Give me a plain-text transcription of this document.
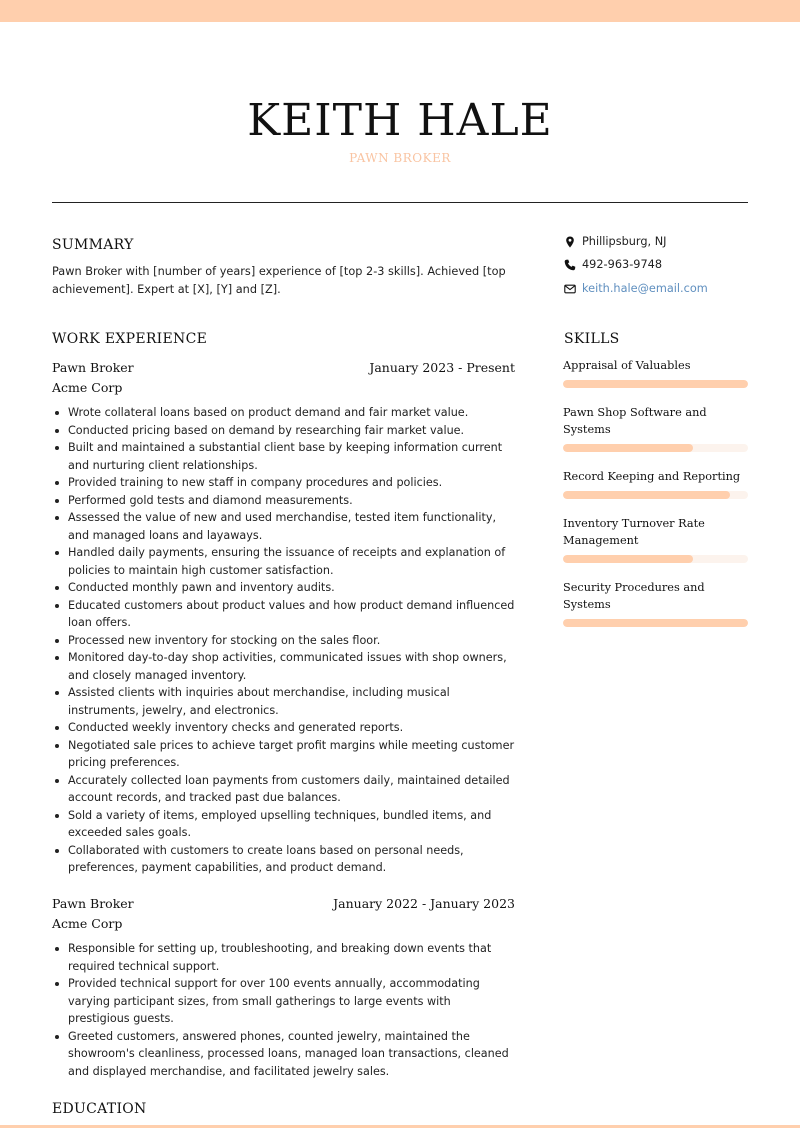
KEITH HALE
PAWN BROKER
SUMMARY
Pawn Broker with [number of years] experience of [top 2-3 skills]. Achieved [top achievement]. Expert at [X], [Y] and [Z].
WORK EXPERIENCE
Pawn Broker	January 2023 - Present
Acme Corp
Wrote collateral loans based on product demand and fair market value.
Conducted pricing based on demand by researching fair market value.
Built and maintained a substantial client base by keeping information current and nurturing client relationships.
Provided training to new staff in company procedures and policies.
Performed gold tests and diamond measurements.
Assessed the value of new and used merchandise, tested item functionality, and managed loans and layaways.
Handled daily payments, ensuring the issuance of receipts and explanation of policies to maintain high customer satisfaction.
Conducted monthly pawn and inventory audits.
Educated customers about product values and how product demand influenced loan offers.
Processed new inventory for stocking on the sales floor.
Monitored day-to-day shop activities, communicated issues with shop owners, and closely managed inventory.
Assisted clients with inquiries about merchandise, including musical instruments, jewelry, and electronics.
Conducted weekly inventory checks and generated reports.
Negotiated sale prices to achieve target profit margins while meeting customer pricing preferences.
Accurately collected loan payments from customers daily, maintained detailed account records, and tracked past due balances.
Sold a variety of items, employed upselling techniques, bundled items, and exceeded sales goals.
Collaborated with customers to create loans based on personal needs, preferences, payment capabilities, and product demand.
Pawn Broker	January 2022 - January 2023
Acme Corp
Responsible for setting up, troubleshooting, and breaking down events that required technical support.
Provided technical support for over 100 events annually, accommodating varying participant sizes, from small gatherings to large events with prestigious guests.
Greeted customers, answered phones, counted jewelry, maintained the showroom's cleanliness, processed loans, managed loan transactions, cleaned and displayed merchandise, and facilitated jewelry sales.
EDUCATION
Phillipsburg, NJ
492-963-9748
keith.hale@email.com
SKILLS
Appraisal of Valuables
Pawn Shop Software and Systems
Record Keeping and Reporting
Inventory Turnover Rate Management
Security Procedures and Systems
